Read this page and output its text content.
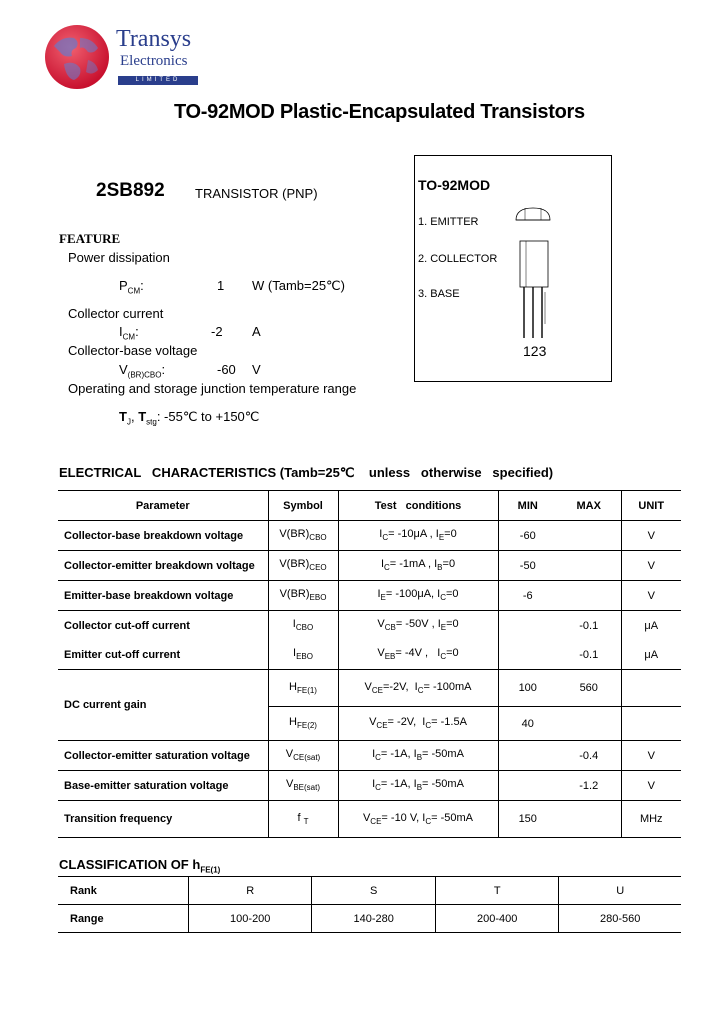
Transys
Electronics
LIMITED
TO-92MOD Plastic-Encapsulated Transistors
2SB892 TRANSISTOR (PNP)
FEATURE
Power dissipation
$P_{CM}$:	1 W (Tamb=25℃)
Collector current
$I_{CM}$:	-2 A
Collector-base voltage
$V_{(BR)CBO}$:	-60 V
Operating and storage junction temperature range
$T_J$, $T_{stg}$: -55℃ to +150℃
TO-92MOD
1. EMITTER
2. COLLECTOR
3. BASE
123
ELECTRICAL   CHARACTERISTICS (Tamb=25℃    unless   otherwise   specified)
Parameter	Symbol	Test   conditions	MIN	MAX	UNIT
Collector-base breakdown voltage	$V(BR)_{CBO}$	$I_C= -10\mu A$ , $I_E=0$	-60		V
Collector-emitter breakdown voltage	$V(BR)_{CEO}$	$I_C= -1mA$ , $I_B=0$	-50		V
Emitter-base breakdown voltage	$V(BR)_{EBO}$	$I_E= -100\mu A$, $I_C=0$	-6		V
Collector cut-off current	$I_{CBO}$	$V_{CB}= -50V$ , $I_E=0$		-0.1	μA
Emitter cut-off current	$I_{EBO}$	$V_{EB}= -4V$ ,   $I_C=0$		-0.1	μA
DC current gain	$H_{FE(1)}$	$V_{CE}=-2V$,  $I_C= -100mA$	100	560	
	$H_{FE(2)}$	$V_{CE}= -2V$,  $I_C= -1.5A$	40		
Collector-emitter saturation voltage	$V_{CE(sat)}$	$I_C= -1A$, $I_B= -50mA$		-0.4	V
Base-emitter saturation voltage	$V_{BE(sat)}$	$I_C= -1A$, $I_B= -50mA$		-1.2	V
Transition frequency	f $_T$	$V_{CE}= -10$ V, $I_C= -50mA$	150		MHz
CLASSIFICATION OF $h_{FE(1)}$
Rank	R	S	T	U
Range	100-200	140-280	200-400	280-560
